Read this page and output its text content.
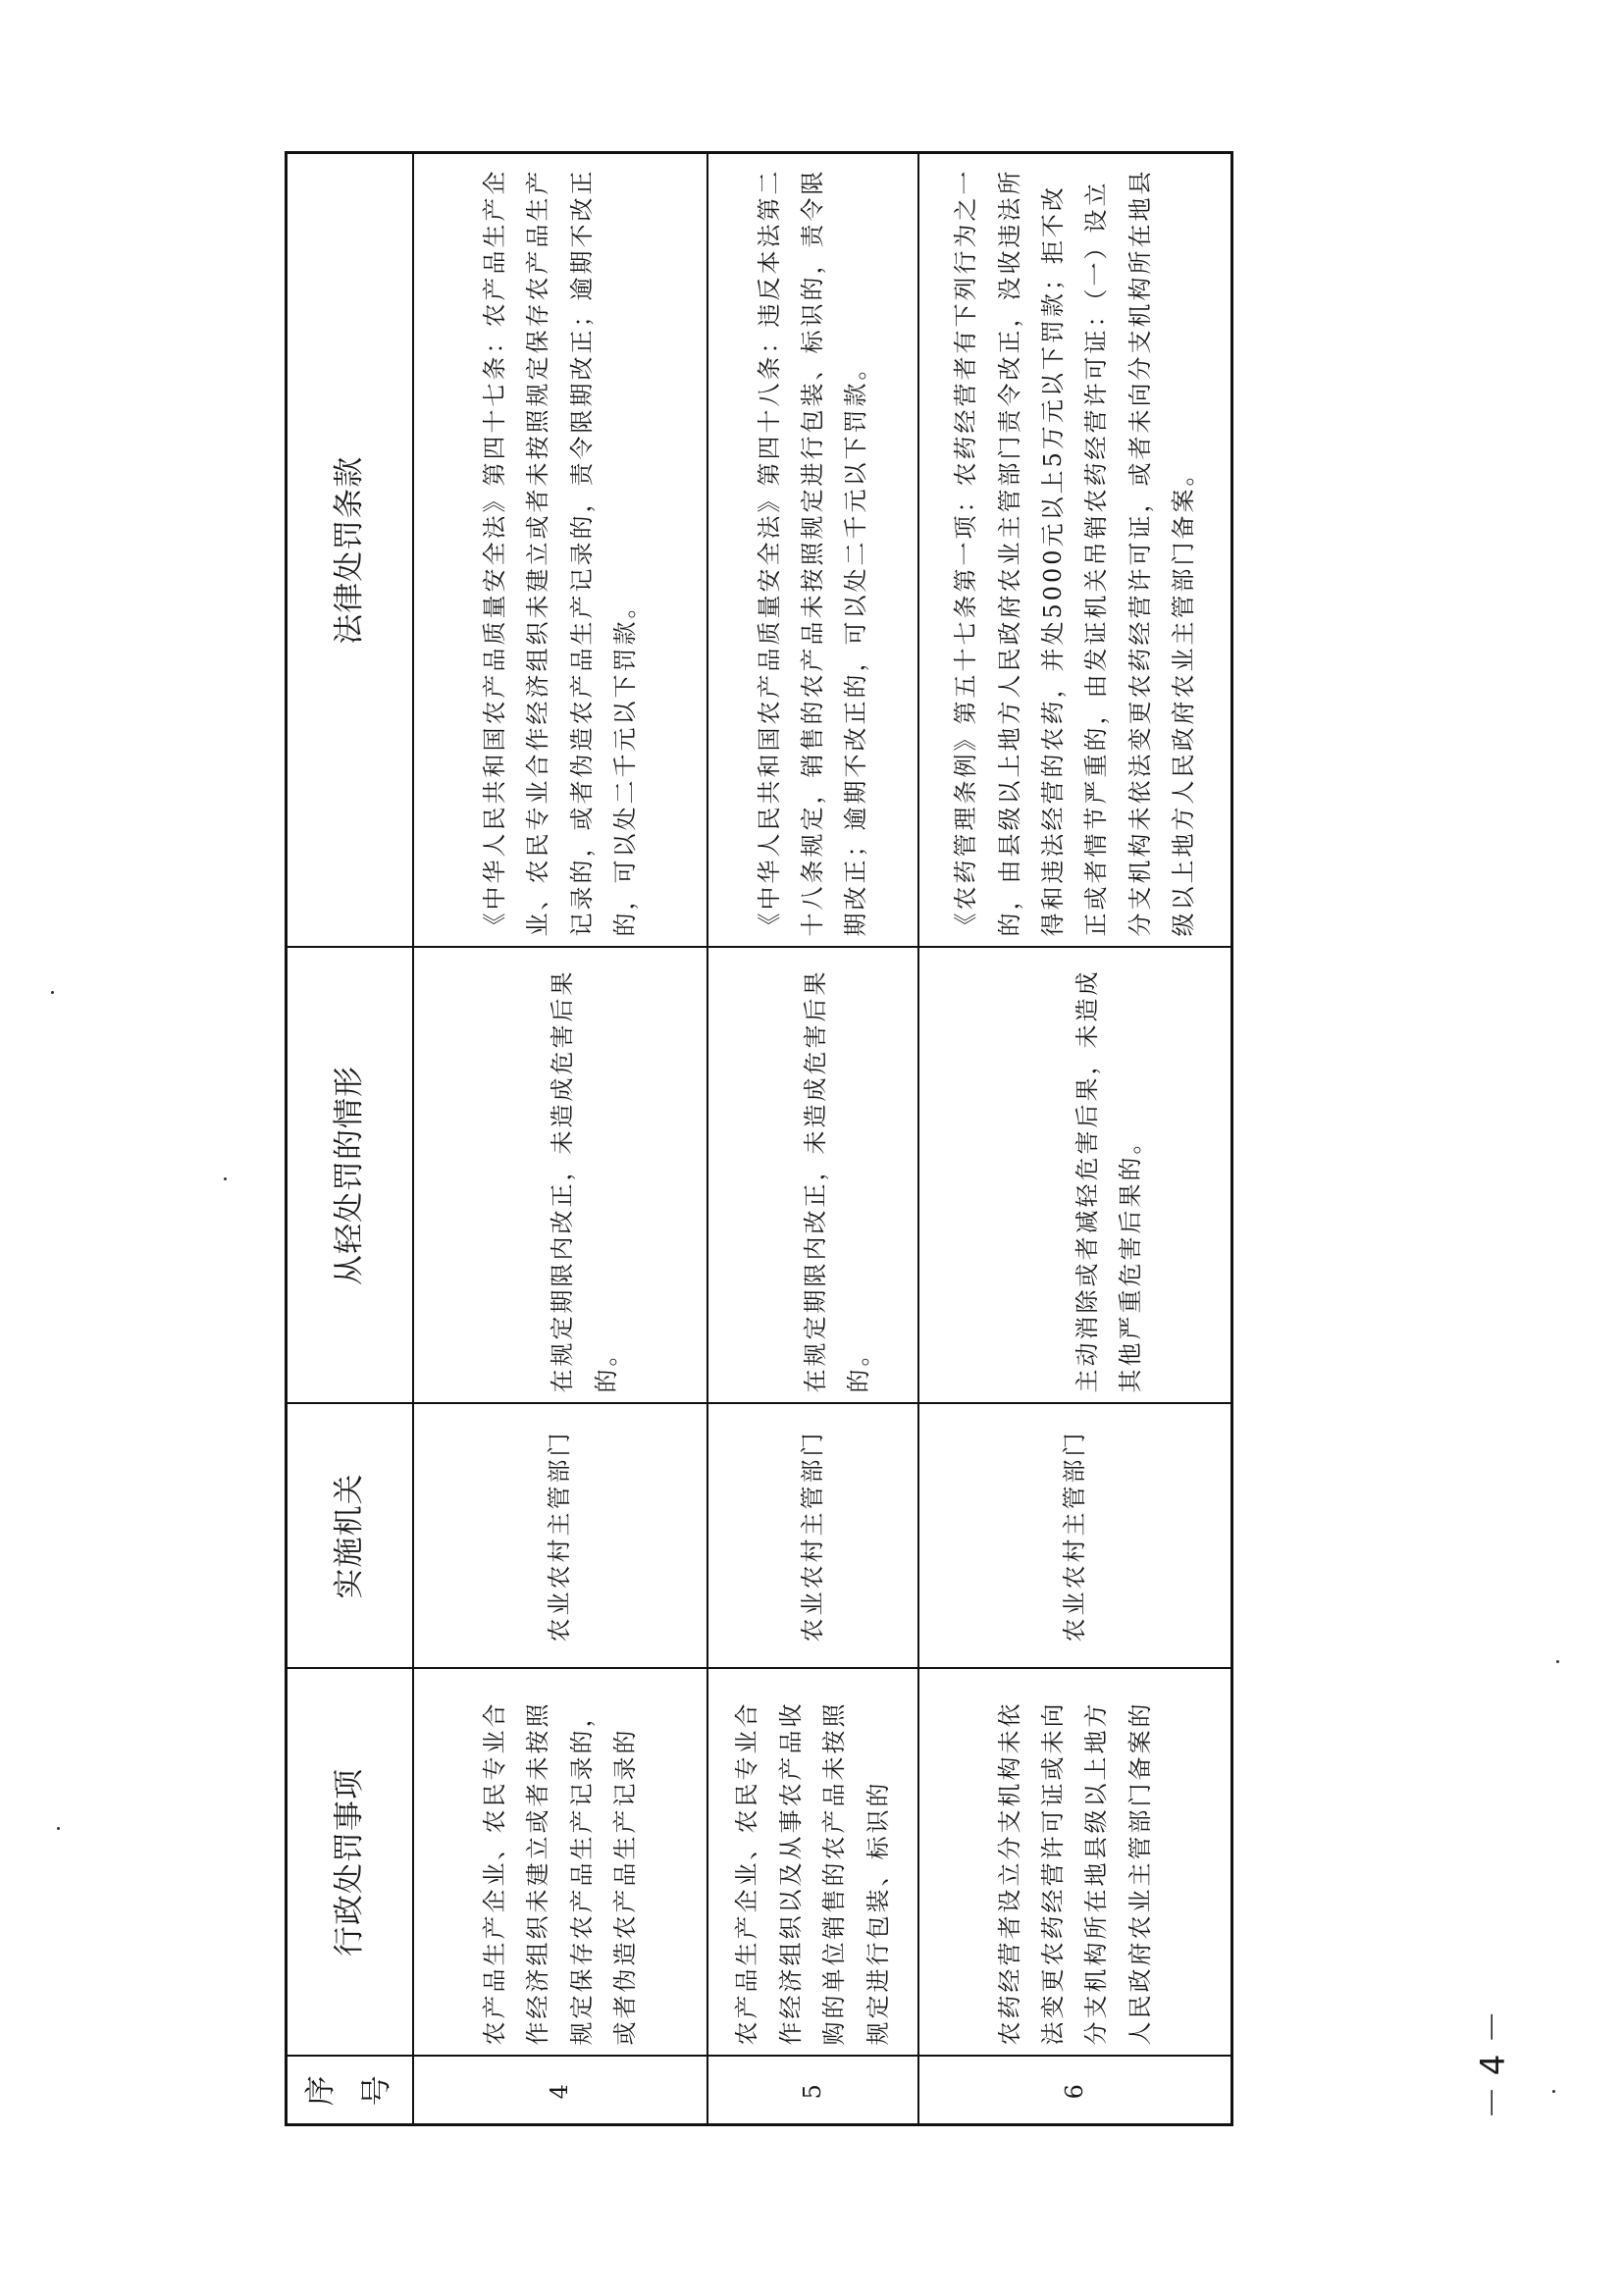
序号	行政处罚事项	实施机关	从轻处罚的情形	法律处罚条款
4	农产品生产企业、农民专业合作经济组织未建立或者未按照规定保存农产品生产记录的，或者伪造农产品生产记录的	农业农村主管部门	在规定期限内改正，未造成危害后果的。	《中华人民共和国农产品质量安全法》第四十七条：农产品生产企业、农民专业合作经济组织未建立或者未按照规定保存农产品生产记录的，或者伪造农产品生产记录的，责令限期改正；逾期不改正的，可以处二千元以下罚款。
5	农产品生产企业、农民专业合作经济组织以及从事农产品收购的单位销售的农产品未按照规定进行包装、标识的	农业农村主管部门	在规定期限内改正，未造成危害后果的。	《中华人民共和国农产品质量安全法》第四十八条：违反本法第二十八条规定，销售的农产品未按照规定进行包装、标识的，责令限期改正；逾期不改正的，可以处二千元以下罚款。
6	农药经营者设立分支机构未依法变更农药经营许可证或未向分支机构所在地县级以上地方人民政府农业主管部门备案的	农业农村主管部门	主动消除或者减轻危害后果，未造成其他严重危害后果的。	《农药管理条例》第五十七条第一项：农药经营者有下列行为之一的，由县级以上地方人民政府农业主管部门责令改正，没收违法所得和违法经营的农药，并处5000元以上5万元以下罚款；拒不改正或者情节严重的，由发证机关吊销农药经营许可证：（一）设立分支机构未依法变更农药经营许可证，或者未向分支机构所在地县级以上地方人民政府农业主管部门备案。
－ 4 －
